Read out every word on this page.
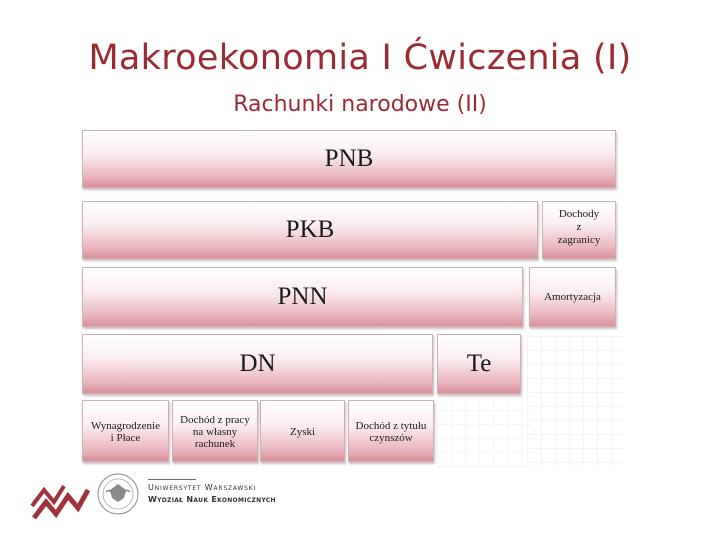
Makroekonomia I Ćwiczenia (I)
Rachunki narodowe (II)
PNB
PKB
Dochody
z
zagranicy
PNN	Amortyzacja
DN	Te
Wynagrodzenie
i Płace
Dochód z pracy
na własny
rachunek
Zyski	Dochód z tytułu
czynszów
Uniwersytet Warszawski
Wydział Nauk Ekonomicznych
